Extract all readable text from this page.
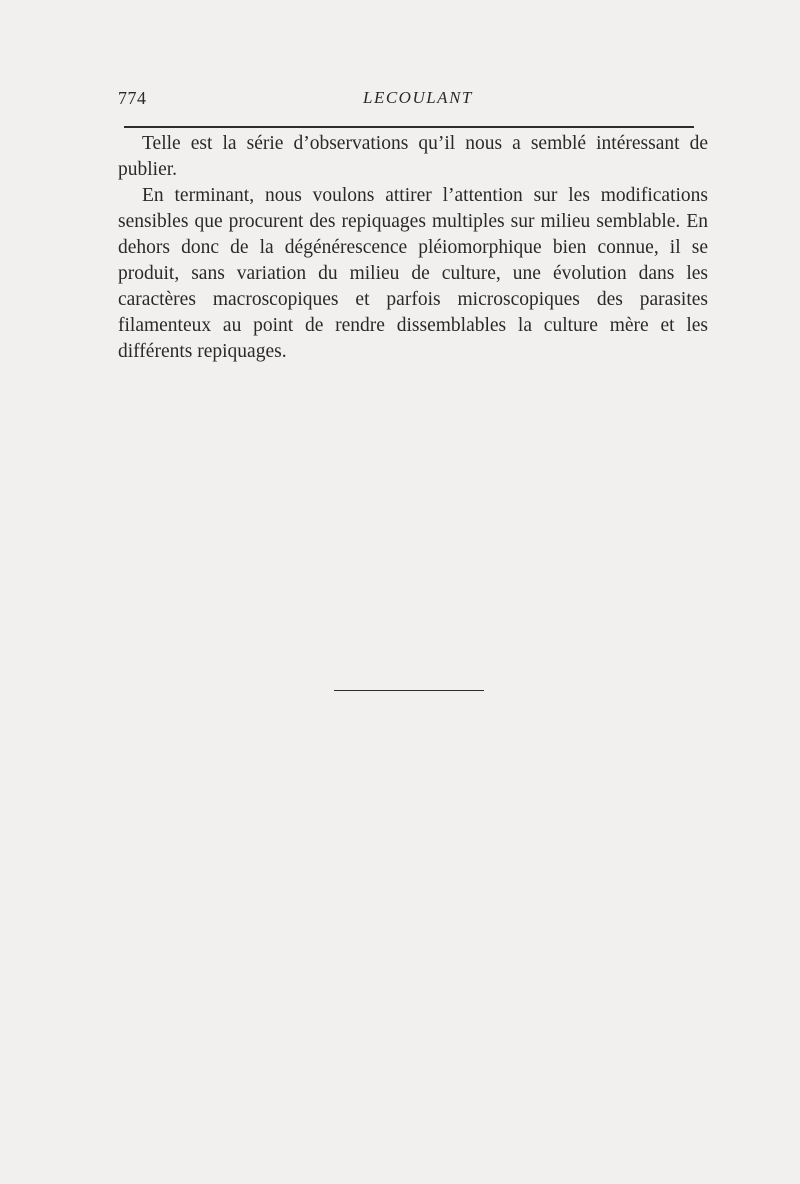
774	LECOULANT

Telle est la série d’observations qu’il nous a semblé intéressant de publier.

En terminant, nous voulons attirer l’attention sur les modifications sensibles que procurent des repiquages multiples sur milieu semblable. En dehors donc de la dégénérescence pléiomorphique bien connue, il se produit, sans variation du milieu de culture, une évolution dans les caractères macroscopiques et parfois microscopiques des parasites filamenteux au point de rendre dissemblables la culture mère et les différents repiquages.
